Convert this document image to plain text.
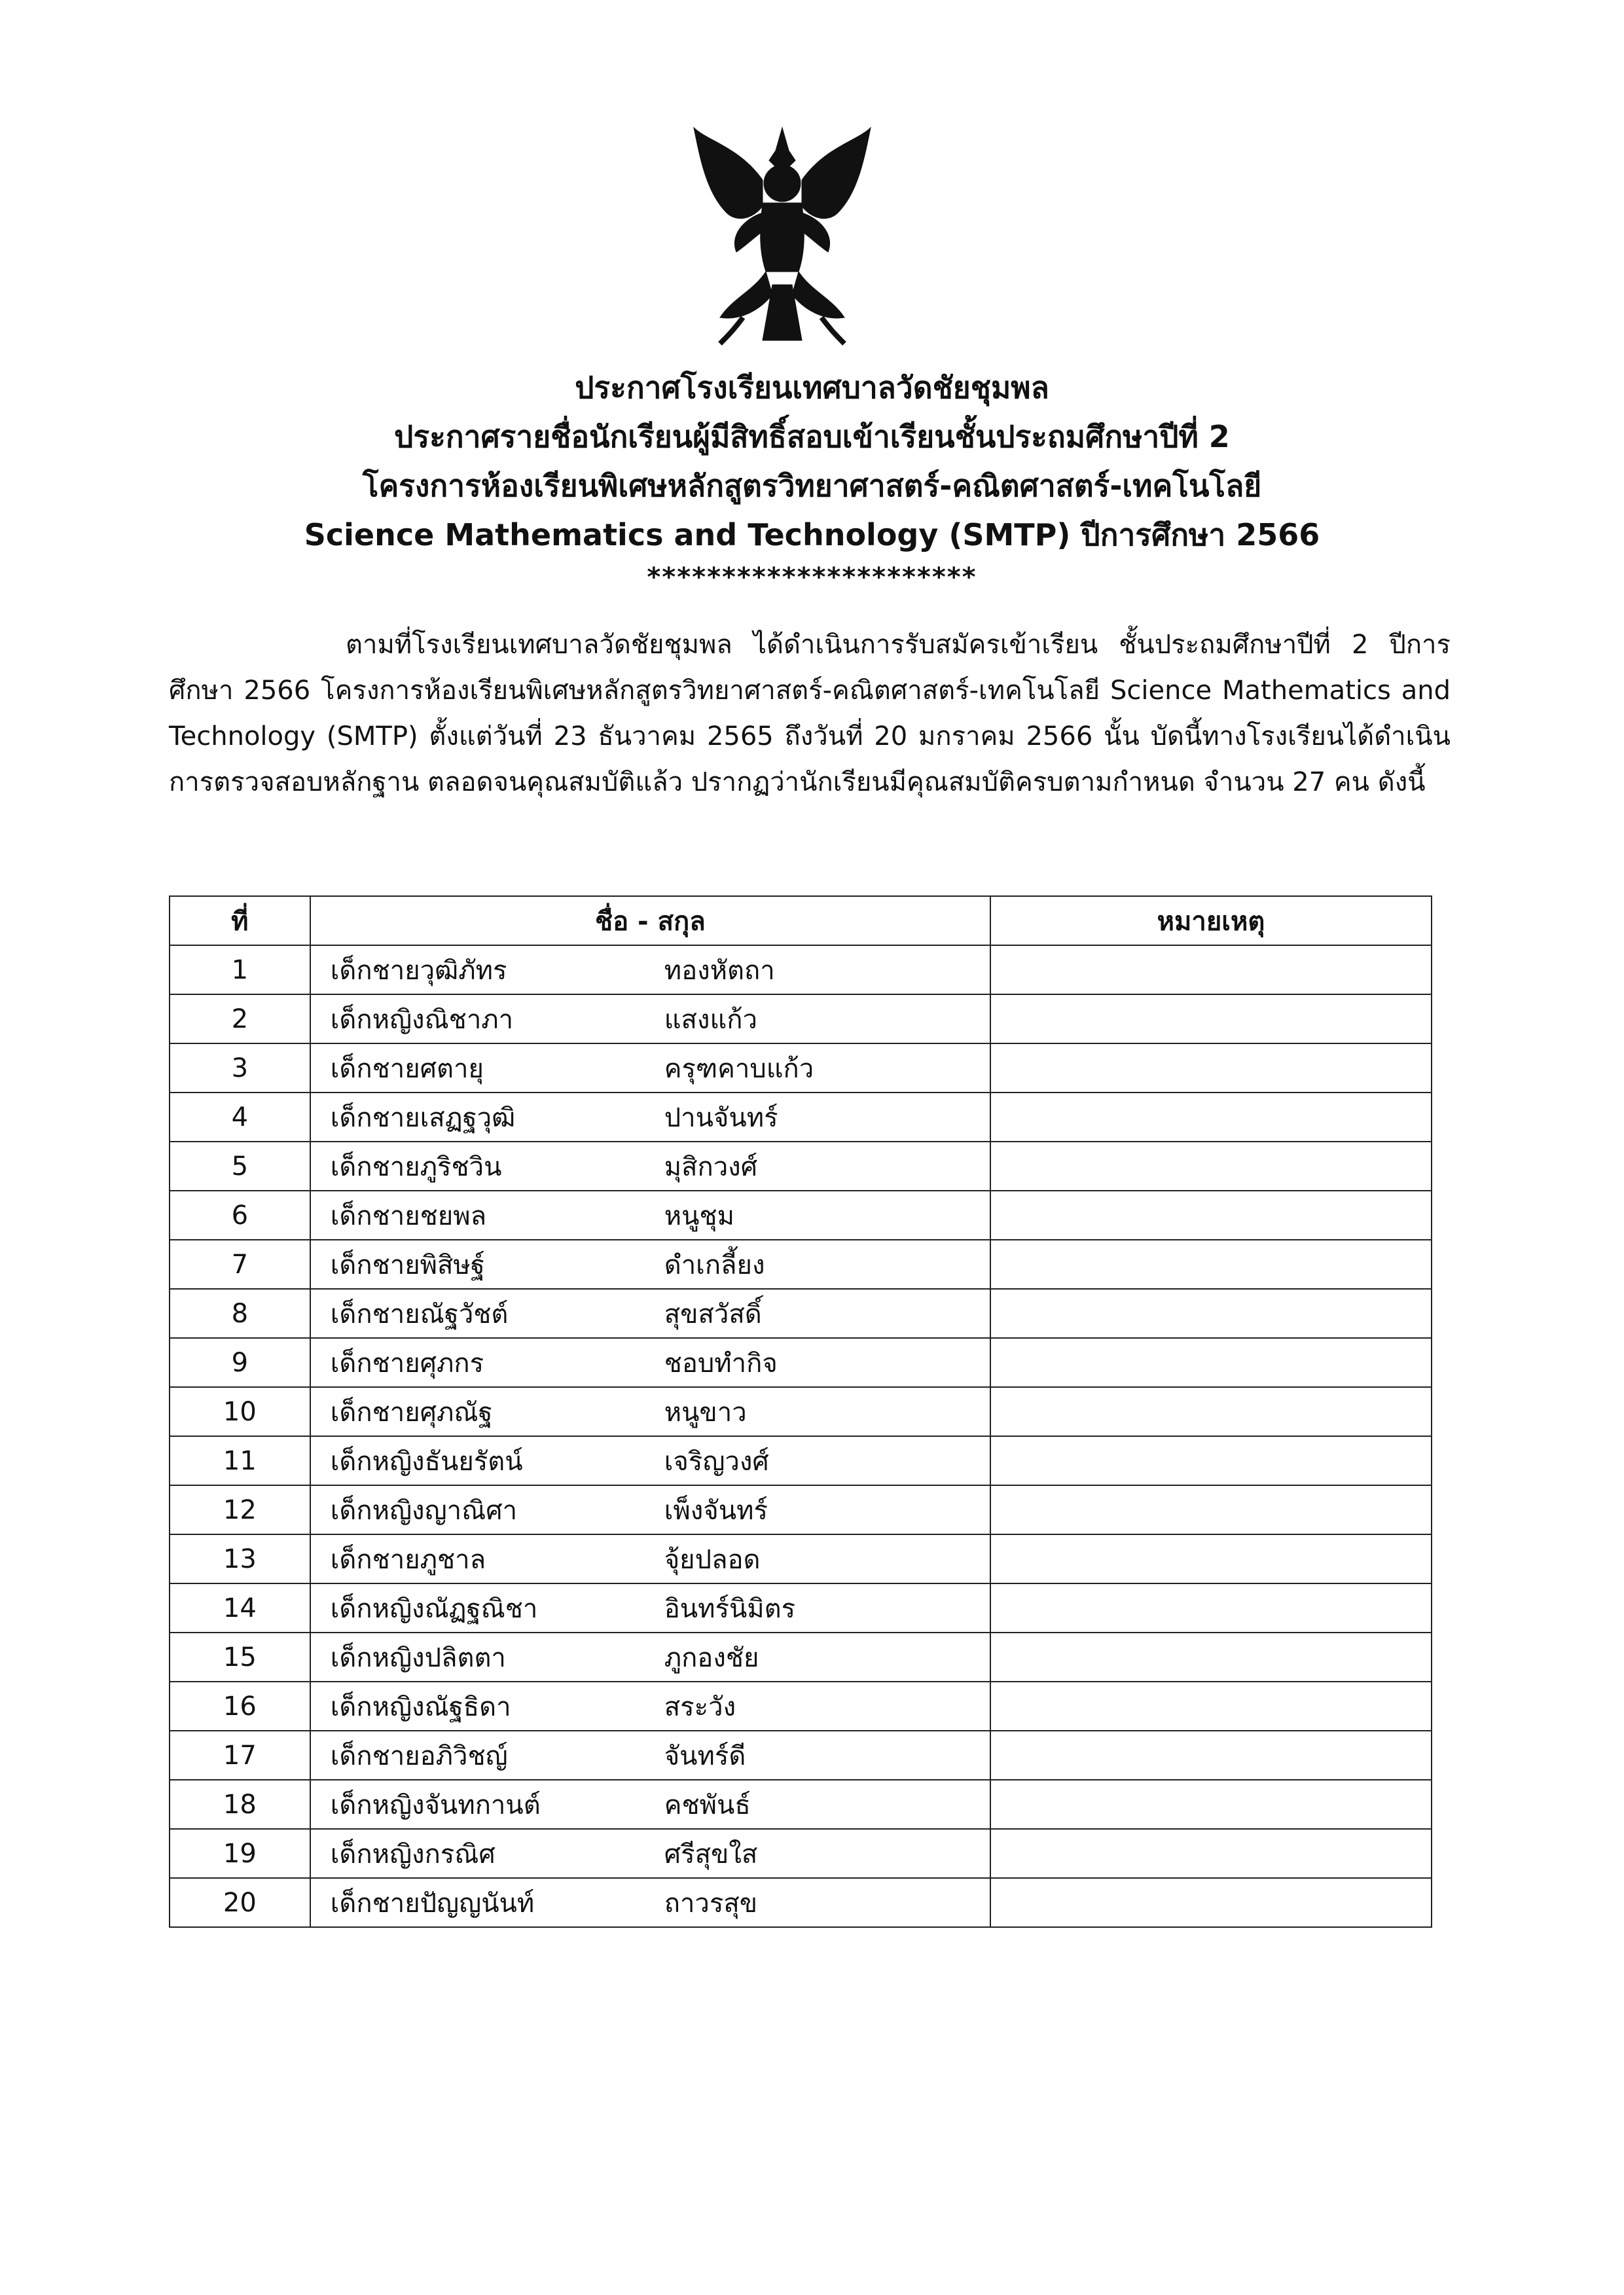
ประกาศโรงเรียนเทศบาลวัดชัยชุมพล
ประกาศรายชื่อนักเรียนผู้มีสิทธิ์สอบเข้าเรียนชั้นประถมศึกษาปีที่ 2
โครงการห้องเรียนพิเศษหลักสูตรวิทยาศาสตร์-คณิตศาสตร์-เทคโนโลยี
Science Mathematics and Technology (SMTP) ปีการศึกษา 2566
**********************

ตามที่โรงเรียนเทศบาลวัดชัยชุมพล ได้ดำเนินการรับสมัครเข้าเรียน ชั้นประถมศึกษาปีที่ 2 ปีการศึกษา 2566 โครงการห้องเรียนพิเศษหลักสูตรวิทยาศาสตร์-คณิตศาสตร์-เทคโนโลยี Science Mathematics and Technology (SMTP) ตั้งแต่วันที่ 23 ธันวาคม 2565 ถึงวันที่ 20 มกราคม 2566 นั้น บัดนี้ทางโรงเรียนได้ดำเนินการตรวจสอบหลักฐาน ตลอดจนคุณสมบัติแล้ว ปรากฏว่านักเรียนมีคุณสมบัติครบตามกำหนด จำนวน 27 คน ดังนี้

ที่	ชื่อ - สกุล	หมายเหตุ
1	เด็กชายวุฒิภัทร ทองหัตถา	

2	เด็กหญิงณิชาภา แสงแก้ว	

3	เด็กชายศตายุ ครุฑคาบแก้ว	

4	เด็กชายเสฏฐวุฒิ ปานจันทร์	

5	เด็กชายภูริชวิน มุสิกวงศ์	

6	เด็กชายชยพล หนูชุม	

7	เด็กชายพิสิษฐ์ ดำเกลี้ยง	

8	เด็กชายณัฐวัชต์ สุขสวัสดิ์	

9	เด็กชายศุภกร ชอบทำกิจ	

10	เด็กชายศุภณัฐ หนูขาว	

11	เด็กหญิงธันยรัตน์ เจริญวงศ์	

12	เด็กหญิงญาณิศา เพ็งจันทร์	

13	เด็กชายภูชาล จุ้ยปลอด	

14	เด็กหญิงณัฏฐณิชา อินทร์นิมิตร	

15	เด็กหญิงปลิตตา ภูกองชัย	

16	เด็กหญิงณัฐธิดา สระวัง	

17	เด็กชายอภิวิชญ์ จันทร์ดี	

18	เด็กหญิงจันทกานต์ คชพันธ์	

19	เด็กหญิงกรณิศ ศรีสุขใส	

20	เด็กชายปัญญนันท์ ถาวรสุข	
